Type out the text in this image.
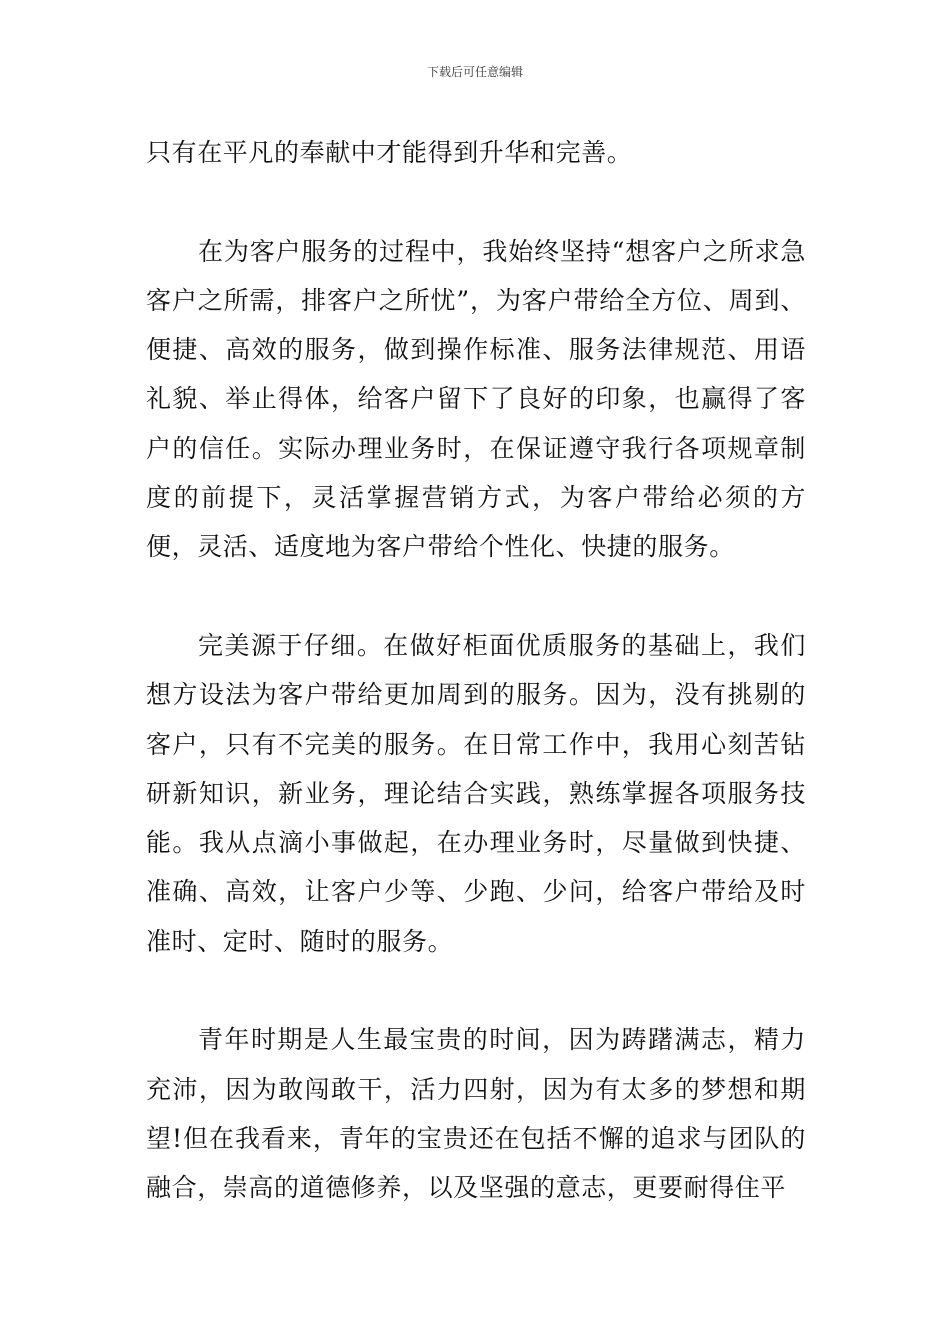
下载后可任意编辑

只有在平凡的奉献中才能得到升华和完善。

在为客户服务的过程中，我始终坚持“想客户之所求急客户之所需，排客户之所忧”，为客户带给全方位、周到、便捷、高效的服务，做到操作标准、服务法律规范、用语礼貌、举止得体，给客户留下了良好的印象，也赢得了客户的信任。实际办理业务时，在保证遵守我行各项规章制度的前提下，灵活掌握营销方式，为客户带给必须的方便，灵活、适度地为客户带给个性化、快捷的服务。

完美源于仔细。在做好柜面优质服务的基础上，我们想方设法为客户带给更加周到的服务。因为，没有挑剔的客户，只有不完美的服务。在日常工作中，我用心刻苦钻研新知识，新业务，理论结合实践，熟练掌握各项服务技能。我从点滴小事做起，在办理业务时，尽量做到快捷、准确、高效，让客户少等、少跑、少问，给客户带给及时准时、定时、随时的服务。

青年时期是人生最宝贵的时间，因为踌躇满志，精力充沛，因为敢闯敢干，活力四射，因为有太多的梦想和期望!但在我看来，青年的宝贵还在包括不懈的追求与团队的融合，崇高的道德修养，以及坚强的意志，更要耐得住平
